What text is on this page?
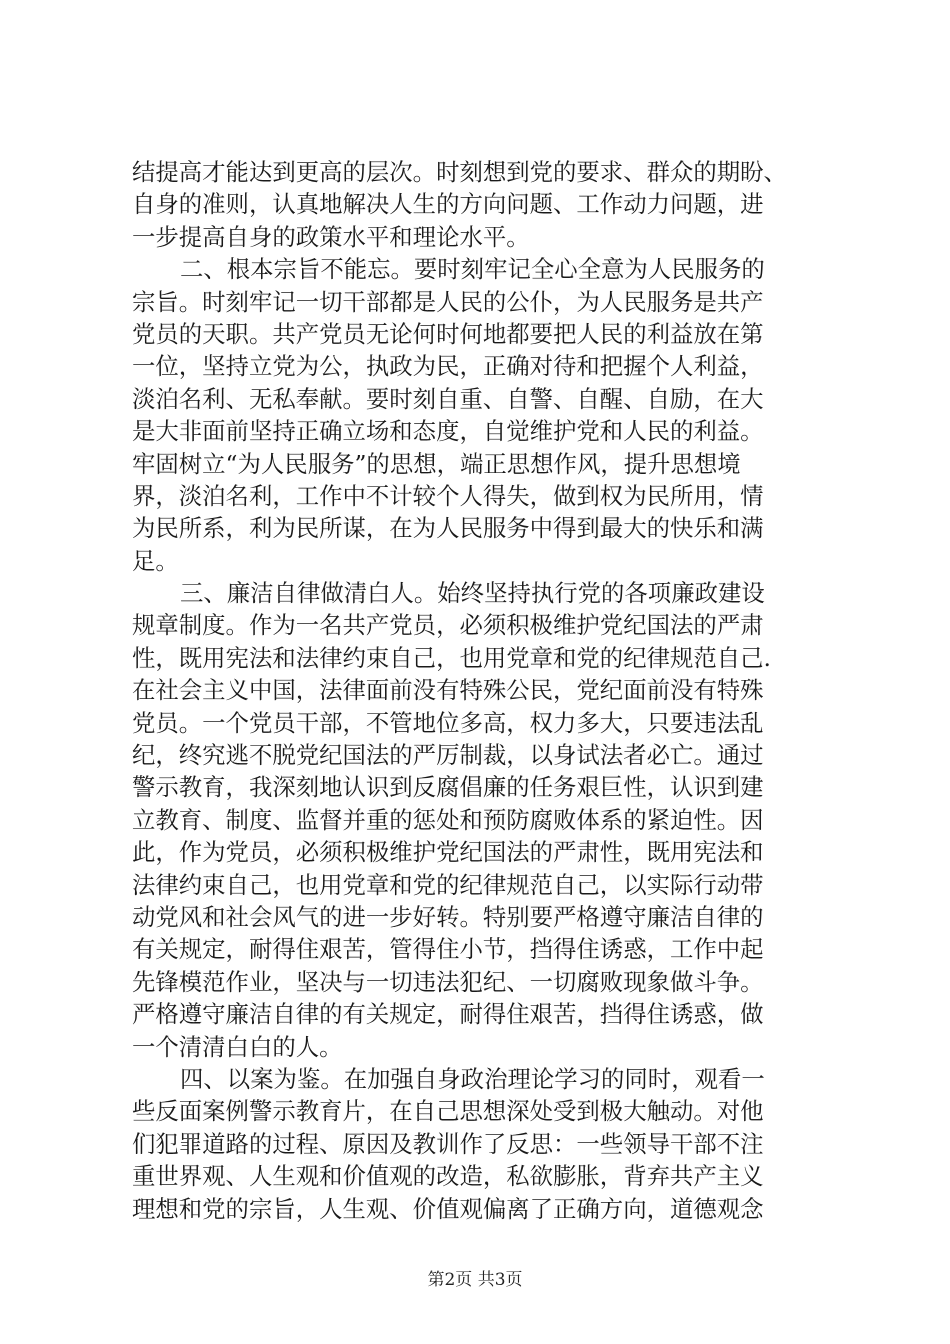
结提高才能达到更高的层次。时刻想到党的要求、群众的期盼、
自身的准则，认真地解决人生的方向问题、工作动力问题，进
一步提高自身的政策水平和理论水平。
二、根本宗旨不能忘。要时刻牢记全心全意为人民服务的
宗旨。时刻牢记一切干部都是人民的公仆，为人民服务是共产
党员的天职。共产党员无论何时何地都要把人民的利益放在第
一位，坚持立党为公，执政为民，正确对待和把握个人利益，
淡泊名利、无私奉献。要时刻自重、自警、自醒、自励，在大
是大非面前坚持正确立场和态度，自觉维护党和人民的利益。
牢固树立“为人民服务”的思想，端正思想作风，提升思想境
界，淡泊名利，工作中不计较个人得失，做到权为民所用，情
为民所系，利为民所谋，在为人民服务中得到最大的快乐和满
足。
三、廉洁自律做清白人。始终坚持执行党的各项廉政建设
规章制度。作为一名共产党员，必须积极维护党纪国法的严肃
性，既用宪法和法律约束自己，也用党章和党的纪律规范自己.
在社会主义中国，法律面前没有特殊公民，党纪面前没有特殊
党员。一个党员干部，不管地位多高，权力多大，只要违法乱
纪，终究逃不脱党纪国法的严厉制裁，以身试法者必亡。通过
警示教育，我深刻地认识到反腐倡廉的任务艰巨性，认识到建
立教育、制度、监督并重的惩处和预防腐败体系的紧迫性。因
此，作为党员，必须积极维护党纪国法的严肃性，既用宪法和
法律约束自己，也用党章和党的纪律规范自己，以实际行动带
动党风和社会风气的进一步好转。特别要严格遵守廉洁自律的
有关规定，耐得住艰苦，管得住小节，挡得住诱惑，工作中起
先锋模范作业，坚决与一切违法犯纪、一切腐败现象做斗争。
严格遵守廉洁自律的有关规定，耐得住艰苦，挡得住诱惑，做
一个清清白白的人。
四、以案为鉴。在加强自身政治理论学习的同时，观看一
些反面案例警示教育片，在自己思想深处受到极大触动。对他
们犯罪道路的过程、原因及教训作了反思：一些领导干部不注
重世界观、人生观和价值观的改造，私欲膨胀，背弃共产主义
理想和党的宗旨，人生观、价值观偏离了正确方向，道德观念
第2页 共3页
